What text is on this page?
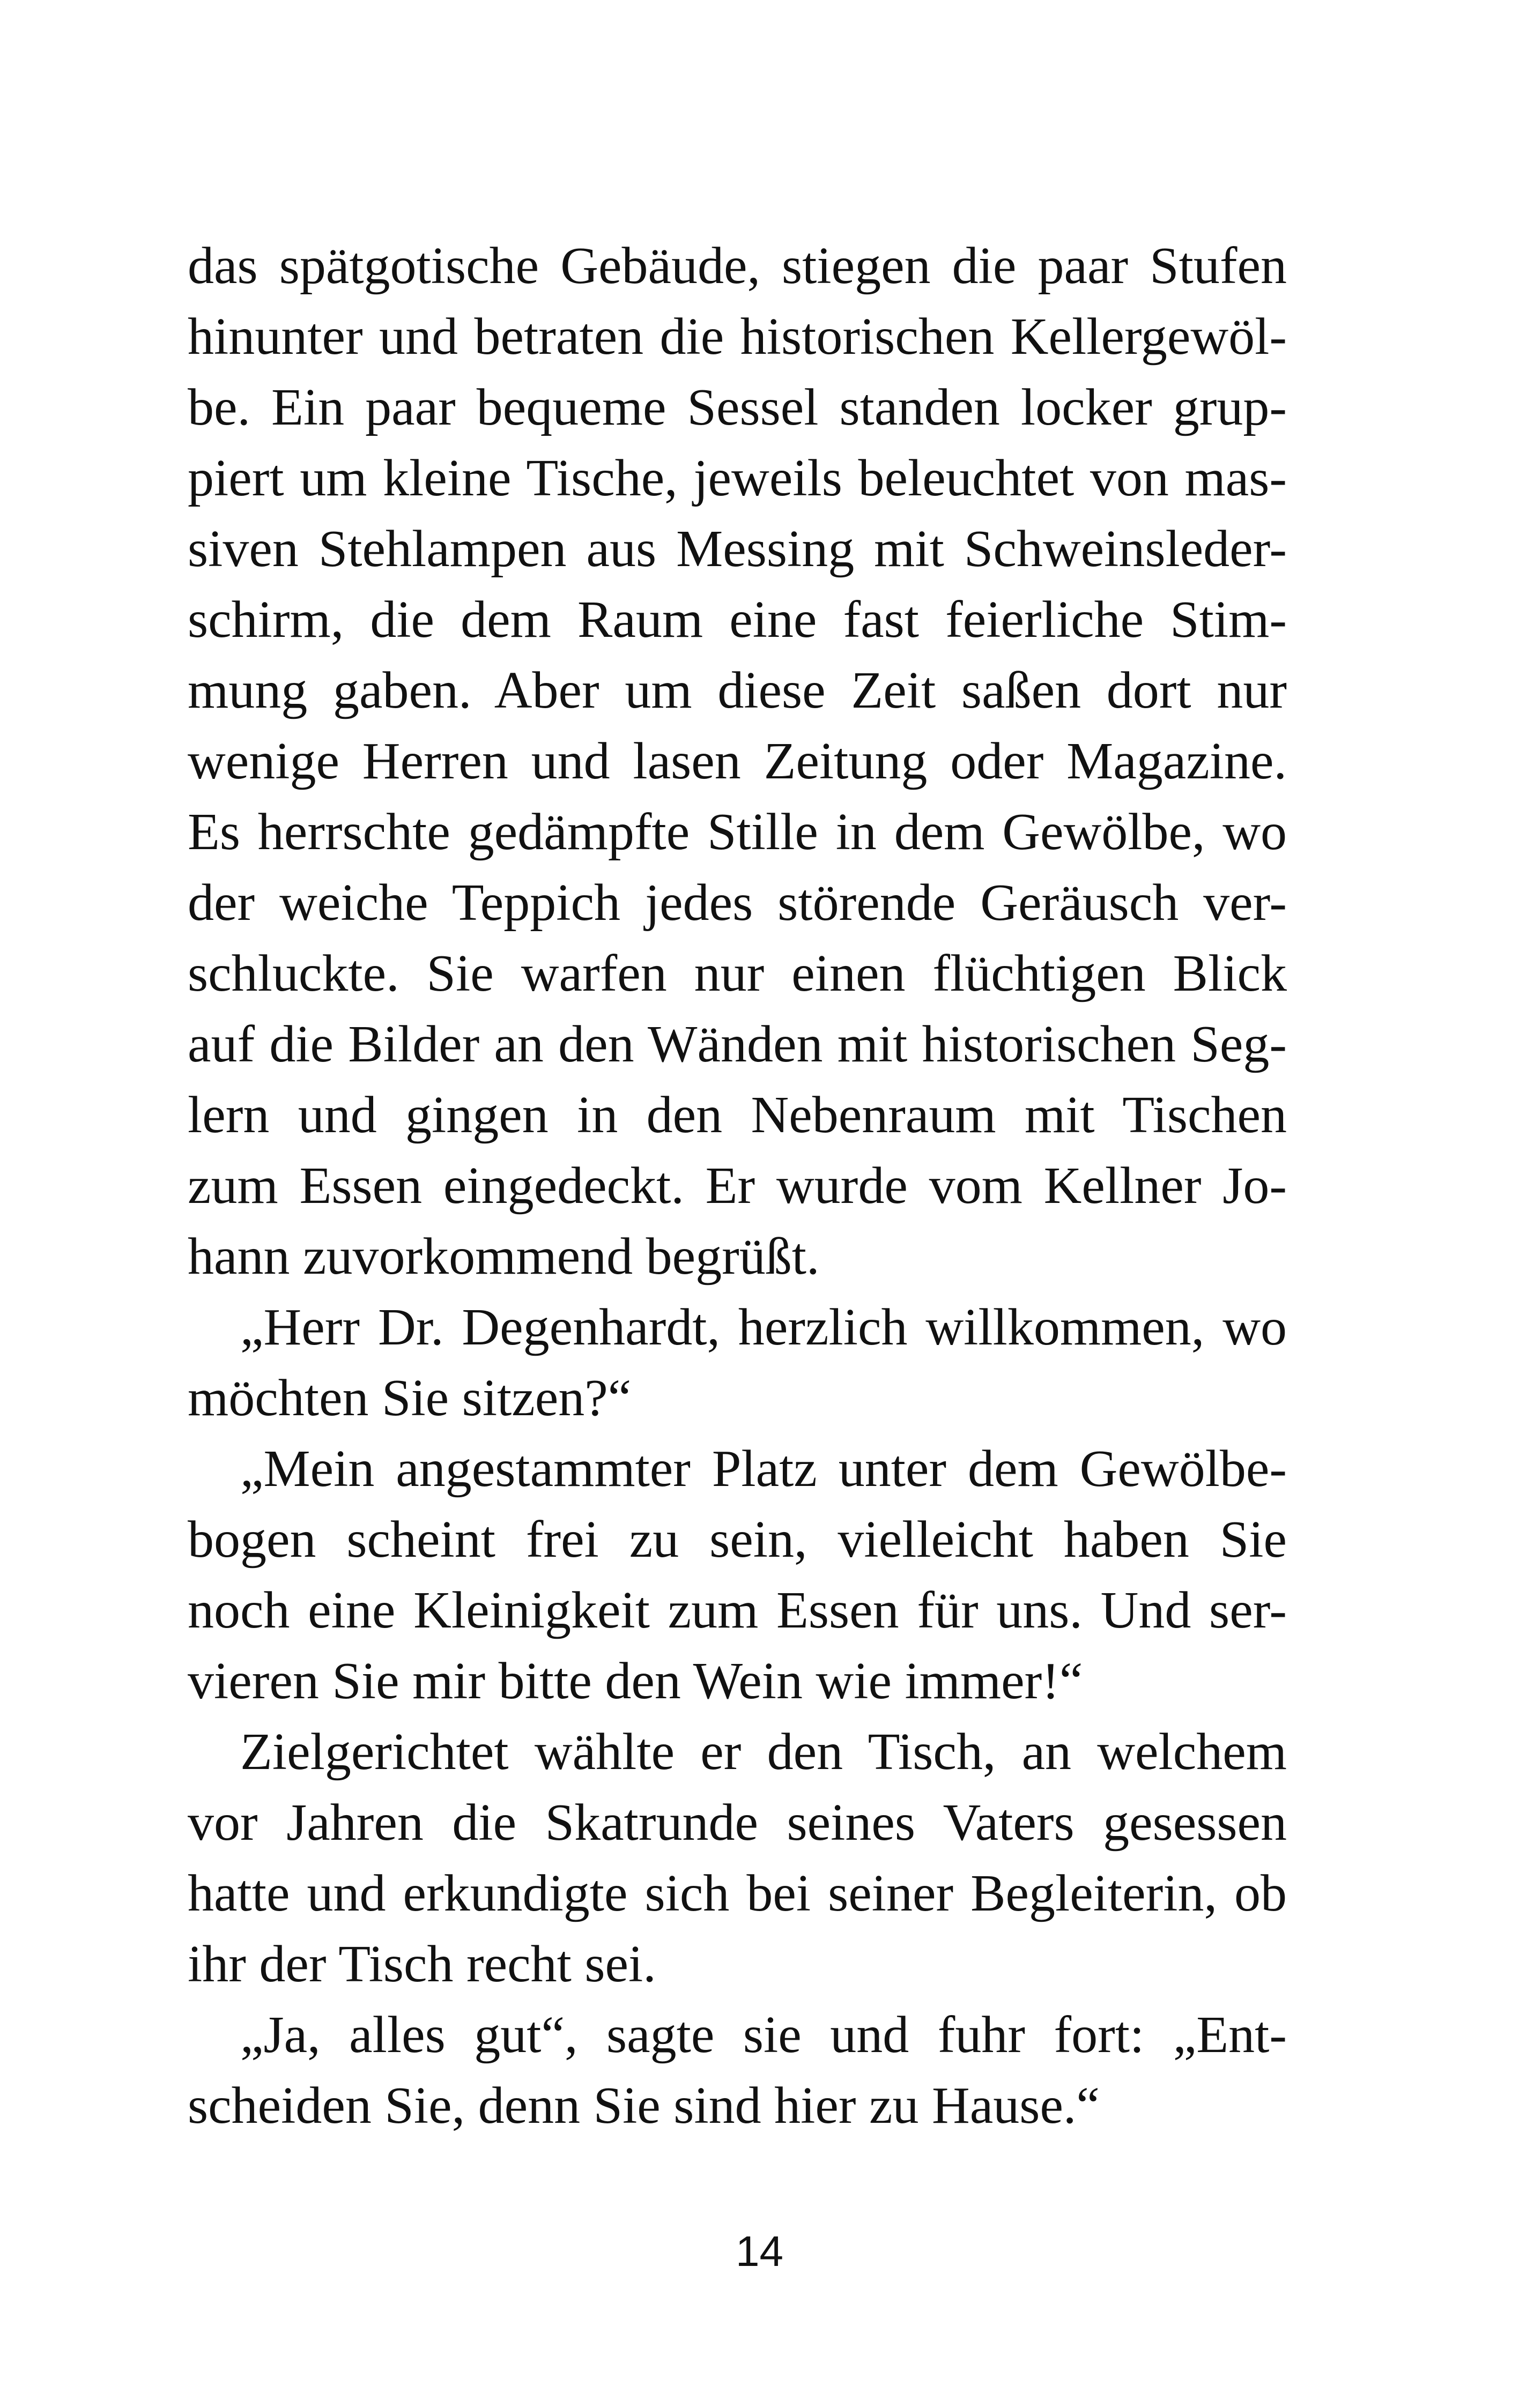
das spätgotische Gebäude, stiegen die paar Stufen
hinunter und betraten die historischen Kellergewöl-
be. Ein paar bequeme Sessel standen locker grup-
piert um kleine Tische, jeweils beleuchtet von mas-
siven Stehlampen aus Messing mit Schweinsleder-
schirm, die dem Raum eine fast feierliche Stim-
mung gaben. Aber um diese Zeit saßen dort nur
wenige Herren und lasen Zeitung oder Magazine.
Es herrschte gedämpfte Stille in dem Gewölbe, wo
der weiche Teppich jedes störende Geräusch ver-
schluckte. Sie warfen nur einen flüchtigen Blick
auf die Bilder an den Wänden mit historischen Seg-
lern und gingen in den Nebenraum mit Tischen
zum Essen eingedeckt. Er wurde vom Kellner Jo-
hann zuvorkommend begrüßt.
„Herr Dr. Degenhardt, herzlich willkommen, wo
möchten Sie sitzen?“
„Mein angestammter Platz unter dem Gewölbe-
bogen scheint frei zu sein, vielleicht haben Sie
noch eine Kleinigkeit zum Essen für uns. Und ser-
vieren Sie mir bitte den Wein wie immer!“
Zielgerichtet wählte er den Tisch, an welchem
vor Jahren die Skatrunde seines Vaters gesessen
hatte und erkundigte sich bei seiner Begleiterin, ob
ihr der Tisch recht sei.
„Ja, alles gut“, sagte sie und fuhr fort: „Ent-
scheiden Sie, denn Sie sind hier zu Hause.“
14
